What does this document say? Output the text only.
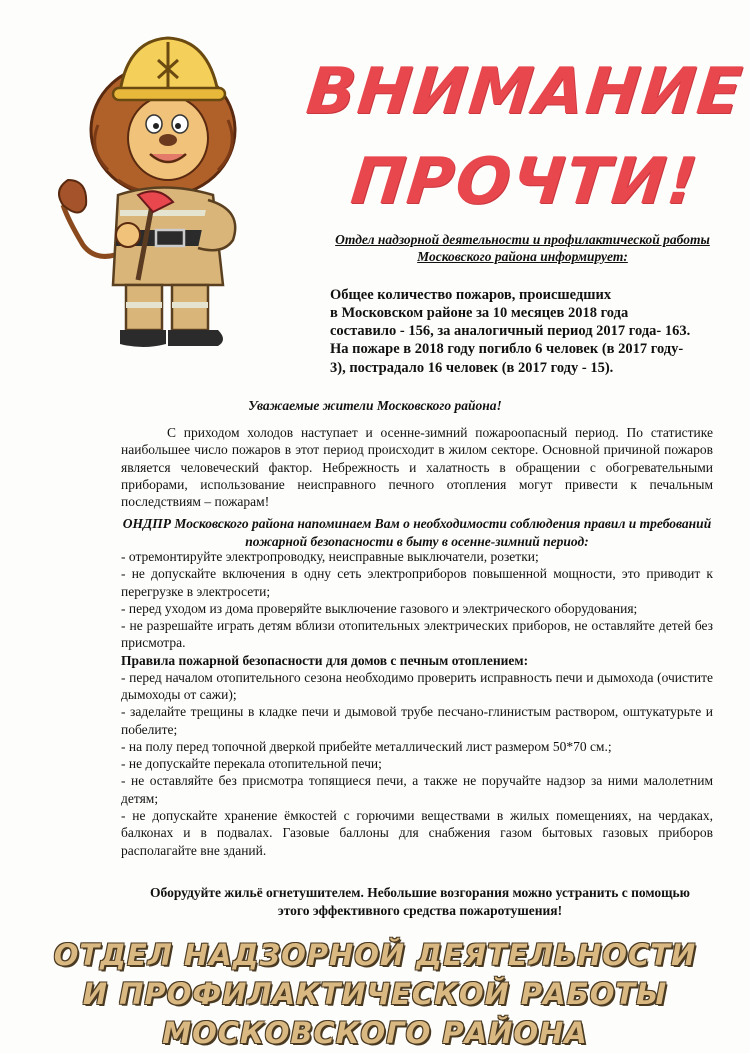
ВНИМАНИЕ
ПРОЧТИ!
Отдел надзорной деятельности и профилактической работы Московского района информирует:
Общее количество пожаров, происшедших
в Московском районе за 10 месяцев 2018 года
составило - 156, за аналогичный период 2017 года- 163.
На пожаре в 2018 году погибло 6 человек (в 2017 году-
3), пострадало 16 человек (в 2017 году - 15).
Уважаемые жители Московского района!
С приходом холодов наступает и осенне-зимний пожароопасный период. По статистике наибольшее число пожаров в этот период происходит в жилом секторе. Основной причиной пожаров является человеческий фактор. Небрежность и халатность в обращении с обогревательными приборами, использование неисправного печного отопления могут привести к печальным последствиям – пожарам!
ОНДПР Московского района напоминаем Вам о необходимости соблюдения правил и требований пожарной безопасности в быту в осенне-зимний период:

- отремонтируйте электропроводку, неисправные выключатели, розетки;

- не допускайте включения в одну сеть электроприборов повышенной мощности, это приводит к перегрузке в электросети;

- перед уходом из дома проверяйте выключение газового и электрического оборудования;

- не разрешайте играть детям вблизи отопительных электрических приборов, не оставляйте детей без присмотра.

Правила пожарной безопасности для домов с печным отоплением:

- перед началом отопительного сезона необходимо проверить исправность печи и дымохода (очистите дымоходы от сажи);

- заделайте трещины в кладке печи и дымовой трубе песчано-глинистым раствором, оштукатурьте и побелите;

- на полу перед топочной дверкой прибейте металлический лист размером 50*70 см.;

- не допускайте перекала отопительной печи;

- не оставляйте без присмотра топящиеся печи, а также не поручайте надзор за ними малолетним детям;

- не допускайте хранение ёмкостей с горючими веществами в жилых помещениях, на чердаках, балконах и в подвалах. Газовые баллоны для снабжения газом бытовых газовых приборов располагайте вне зданий.

Оборудуйте жильё огнетушителем. Небольшие возгорания можно устранить с помощью этого эффективного средства пожаротушения!
ОТДЕЛ НАДЗОРНОЙ ДЕЯТЕЛЬНОСТИ
И ПРОФИЛАКТИЧЕСКОЙ РАБОТЫ
МОСКОВСКОГО РАЙОНА
